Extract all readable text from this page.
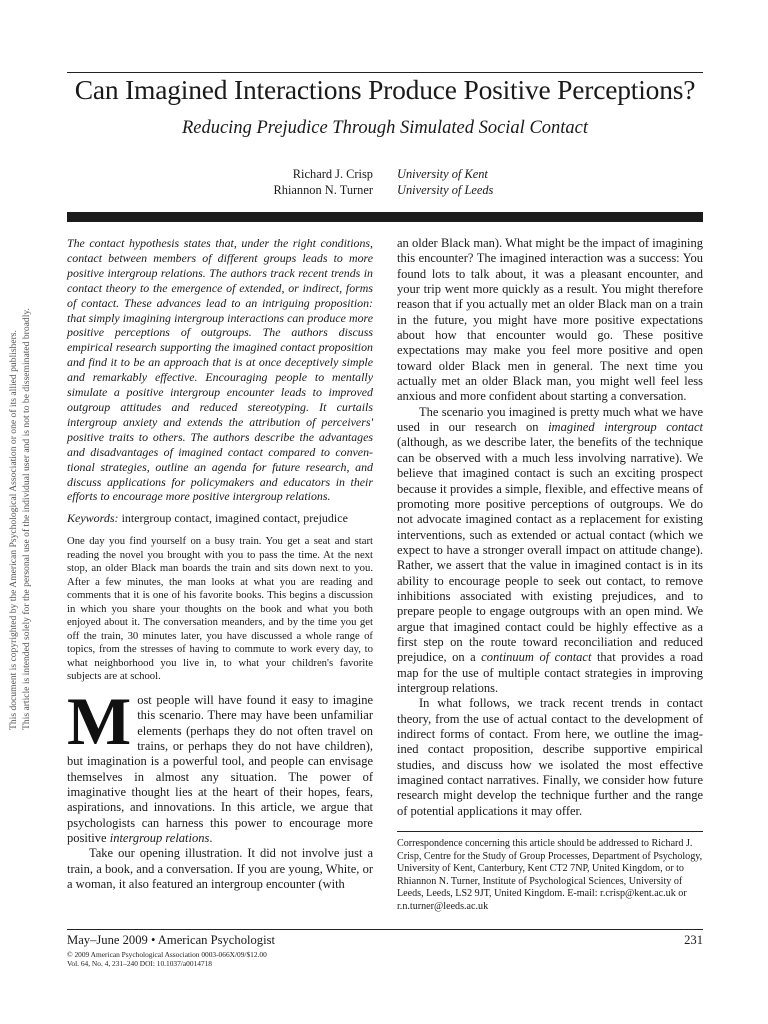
This document is copyrighted by the American Psychological Association or one of its allied publishers. This article is intended solely for the personal use of the individual user and is not to be disseminated broadly.
Can Imagined Interactions Produce Positive Perceptions?
Reducing Prejudice Through Simulated Social Contact
Richard J. Crisp
Rhiannon N. Turner
University of Kent
University of Leeds

The contact hypothesis states that, under the right conditions, contact between members of different groups leads to more positive intergroup relations. The authors track recent trends in contact theory to the emergence of extended, or indirect, forms of contact. These advances lead to an intriguing proposition: that simply imagining intergroup interactions can produce more positive perceptions of outgroups. The authors discuss empirical research supporting the imagined contact proposition and find it to be an approach that is at once deceptively simple and remarkably effective. Encouraging people to mentally simulate a positive intergroup encounter leads to improved outgroup attitudes and reduced stereotyping. It curtails intergroup anxiety and extends the attribution of perceivers' positive traits to others. The authors describe the advantages and disadvantages of imagined contact compared to conventional strategies, outline an agenda for future research, and discuss applications for policymakers and educators in their efforts to encourage more positive intergroup relations.

Keywords: intergroup contact, imagined contact, prejudice

One day you find yourself on a busy train. You get a seat and start reading the novel you brought with you to pass the time. At the next stop, an older Black man boards the train and sits down next to you. After a few minutes, the man looks at what you are reading and comments that it is one of his favorite books. This begins a discussion in which you share your thoughts on the book and what you both enjoyed about it. The conversation meanders, and by the time you get off the train, 30 minutes later, you have discussed a whole range of topics, from the stresses of having to commute to work every day, to what neighborhood you live in, to what your children's favorite subjects are at school.

Most people will have found it easy to imagine this scenario. There may have been unfamiliar elements (perhaps they do not often travel on trains, or perhaps they do not have children), but imagination is a powerful tool, and people can envisage themselves in almost any situation. The power of imaginative thought lies at the heart of their hopes, fears, aspirations, and innovations. In this article, we argue that psychologists can harness this power to encourage more positive intergroup relations.

Take our opening illustration. It did not involve just a train, a book, and a conversation. If you are young, White, or a woman, it also featured an intergroup encounter (with

an older Black man). What might be the impact of imagining this encounter? The imagined interaction was a success: You found lots to talk about, it was a pleasant encounter, and your trip went more quickly as a result. You might therefore reason that if you actually met an older Black man on a train in the future, you might have more positive expectations about how that encounter would go. These positive expectations may make you feel more positive and open toward older Black men in general. The next time you actually met an older Black man, you might well feel less anxious and more confident about starting a conversation.

The scenario you imagined is pretty much what we have used in our research on imagined intergroup contact (although, as we describe later, the benefits of the technique can be observed with a much less involving narrative). We believe that imagined contact is such an exciting prospect because it provides a simple, flexible, and effective means of promoting more positive perceptions of outgroups. We do not advocate imagined contact as a replacement for existing interventions, such as extended or actual contact (which we expect to have a stronger overall impact on attitude change). Rather, we assert that the value in imagined contact is in its ability to encourage people to seek out contact, to remove inhibitions associated with existing prejudices, and to prepare people to engage outgroups with an open mind. We argue that imagined contact could be highly effective as a first step on the route toward reconciliation and reduced prejudice, on a continuum of contact that provides a road map for the use of multiple contact strategies in improving intergroup relations.

In what follows, we track recent trends in contact theory, from the use of actual contact to the development of indirect forms of contact. From here, we outline the imagined contact proposition, describe supportive empirical studies, and discuss how we isolated the most effective imagined contact narratives. Finally, we consider how future research might develop the technique further and the range of potential applications it may offer.

Correspondence concerning this article should be addressed to Richard J. Crisp, Centre for the Study of Group Processes, Department of Psychology, University of Kent, Canterbury, Kent CT2 7NP, United Kingdom, or to Rhiannon N. Turner, Institute of Psychological Sciences, University of Leeds, Leeds, LS2 9JT, United Kingdom. E-mail: r.crisp@kent.ac.uk or r.n.turner@leeds.ac.uk

May–June 2009 • American Psychologist	231
© 2009 American Psychological Association 0003-066X/09/$12.00
Vol. 64, No. 4, 231–240 DOI: 10.1037/a0014718
